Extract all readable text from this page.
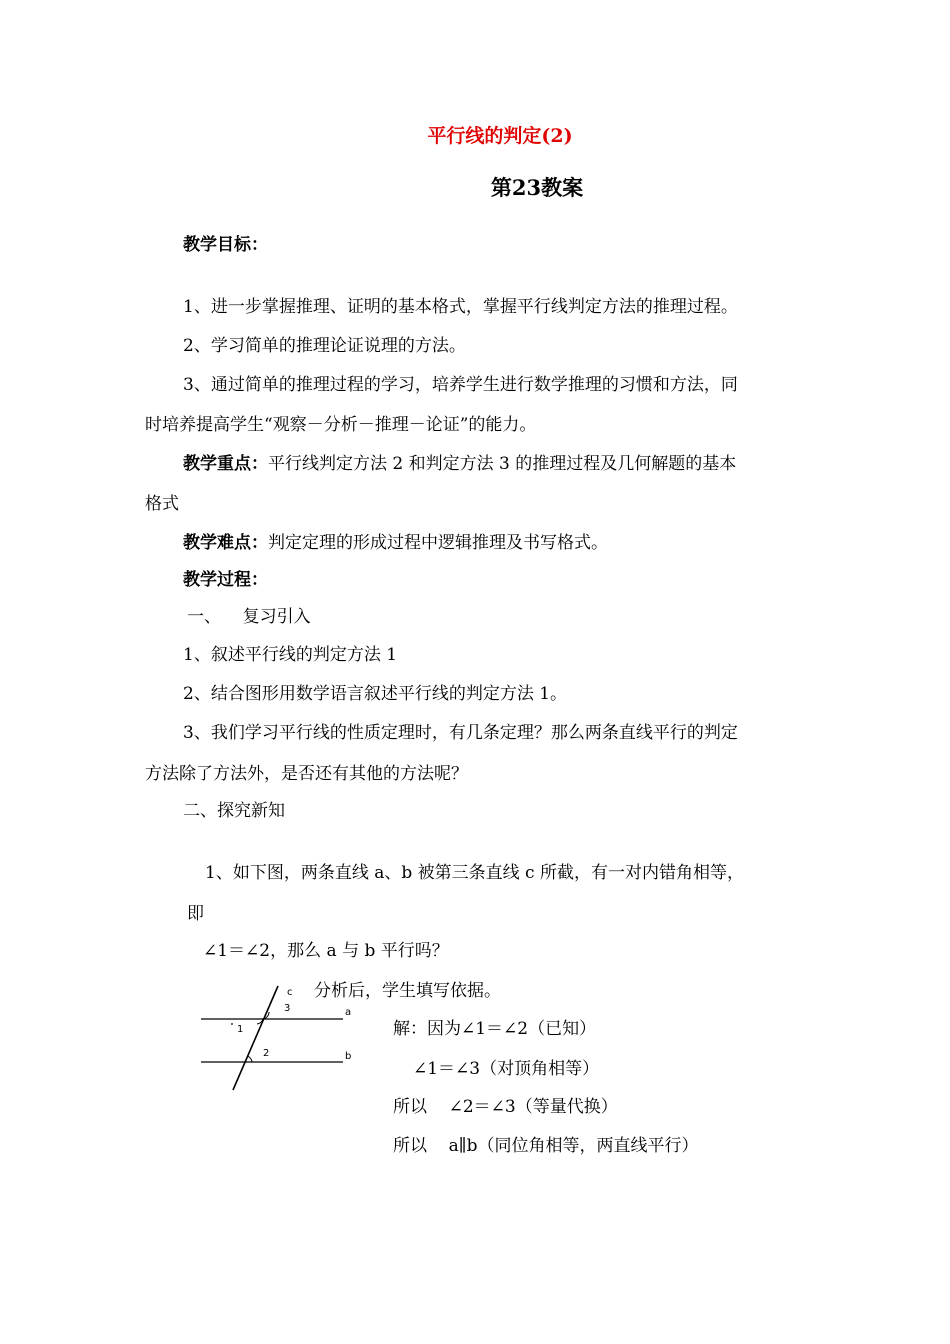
平行线的判定(2)
第23教案
教学目标：
1、进一步掌握推理、证明的基本格式，掌握平行线判定方法的推理过程。
2、学习简单的推理论证说理的方法。
3、通过简单的推理过程的学习，培养学生进行数学推理的习惯和方法，同
时培养提高学生“观察－分析－推理－论证”的能力。
教学重点：平行线判定方法 2 和判定方法 3 的推理过程及几何解题的基本
格式
教学难点：判定定理的形成过程中逻辑推理及书写格式。
教学过程：
一、    复习引入
1、叙述平行线的判定方法 1
2、结合图形用数学语言叙述平行线的判定方法 1。
3、我们学习平行线的性质定理时，有几条定理？那么两条直线平行的判定
方法除了方法外，是否还有其他的方法呢？
二、探究新知
1、如下图，两条直线 a、b 被第三条直线 c 所截，有一对内错角相等，
即
∠1＝∠2，那么 a 与 b 平行吗？
分析后，学生填写依据。
解：因为∠1＝∠2（已知）
∠1＝∠3（对顶角相等）
所以    ∠2＝∠3（等量代换）
所以    a∥b（同位角相等，两直线平行）
a
b
c
1
2
3
